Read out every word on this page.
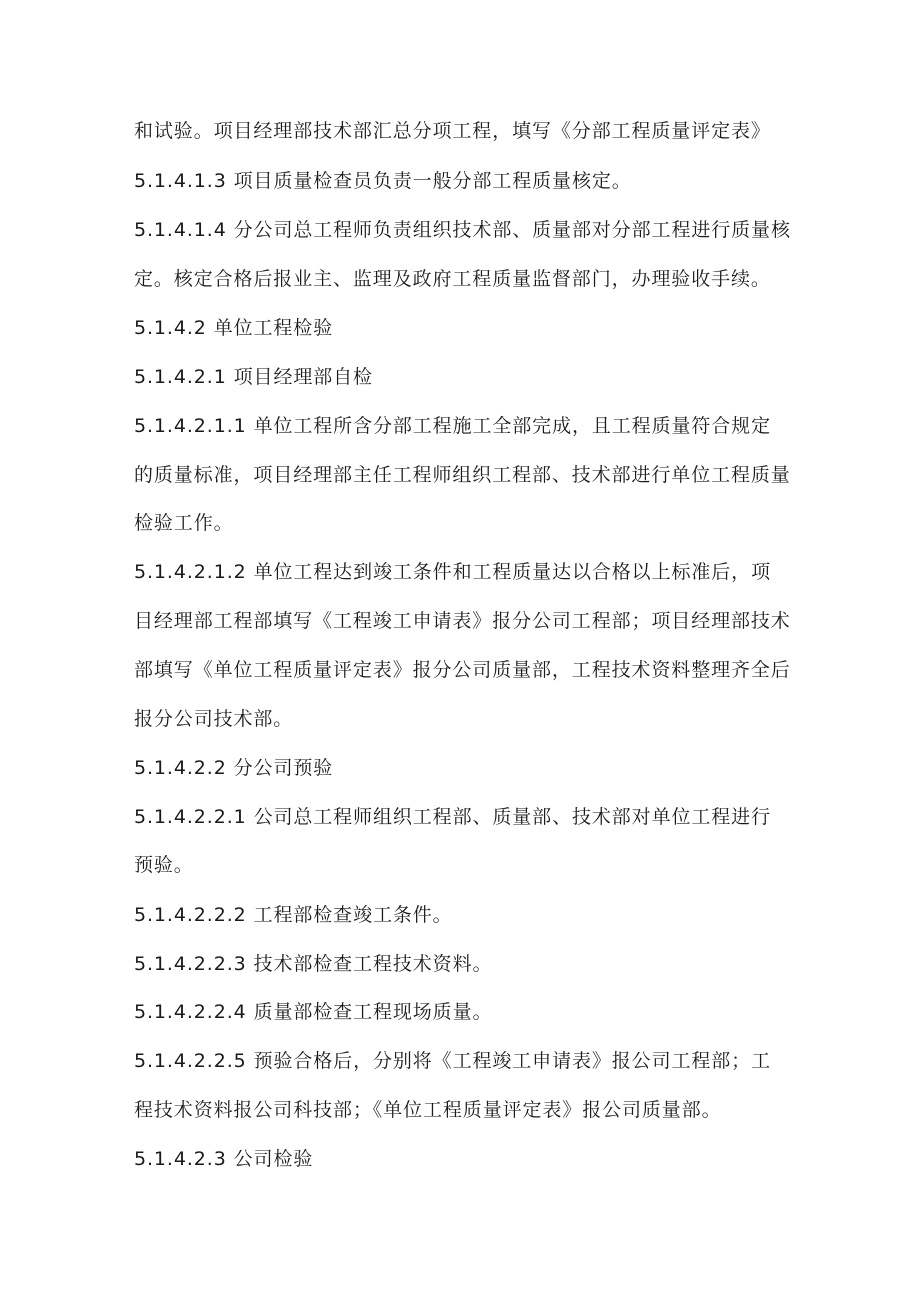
和试验。项目经理部技术部汇总分项工程，填写《分部工程质量评定表》
5.1.4.1.3 项目质量检查员负责一般分部工程质量核定。
5.1.4.1.4 分公司总工程师负责组织技术部、质量部对分部工程进行质量核
定。核定合格后报业主、监理及政府工程质量监督部门，办理验收手续。
5.1.4.2 单位工程检验
5.1.4.2.1 项目经理部自检
5.1.4.2.1.1 单位工程所含分部工程施工全部完成，且工程质量符合规定
的质量标准，项目经理部主任工程师组织工程部、技术部进行单位工程质量
检验工作。
5.1.4.2.1.2 单位工程达到竣工条件和工程质量达以合格以上标准后，项
目经理部工程部填写《工程竣工申请表》报分公司工程部；项目经理部技术
部填写《单位工程质量评定表》报分公司质量部，工程技术资料整理齐全后
报分公司技术部。
5.1.4.2.2 分公司预验
5.1.4.2.2.1 公司总工程师组织工程部、质量部、技术部对单位工程进行
预验。
5.1.4.2.2.2 工程部检查竣工条件。
5.1.4.2.2.3 技术部检查工程技术资料。
5.1.4.2.2.4 质量部检查工程现场质量。
5.1.4.2.2.5 预验合格后，分别将《工程竣工申请表》报公司工程部；工
程技术资料报公司科技部；《单位工程质量评定表》报公司质量部。
5.1.4.2.3 公司检验
